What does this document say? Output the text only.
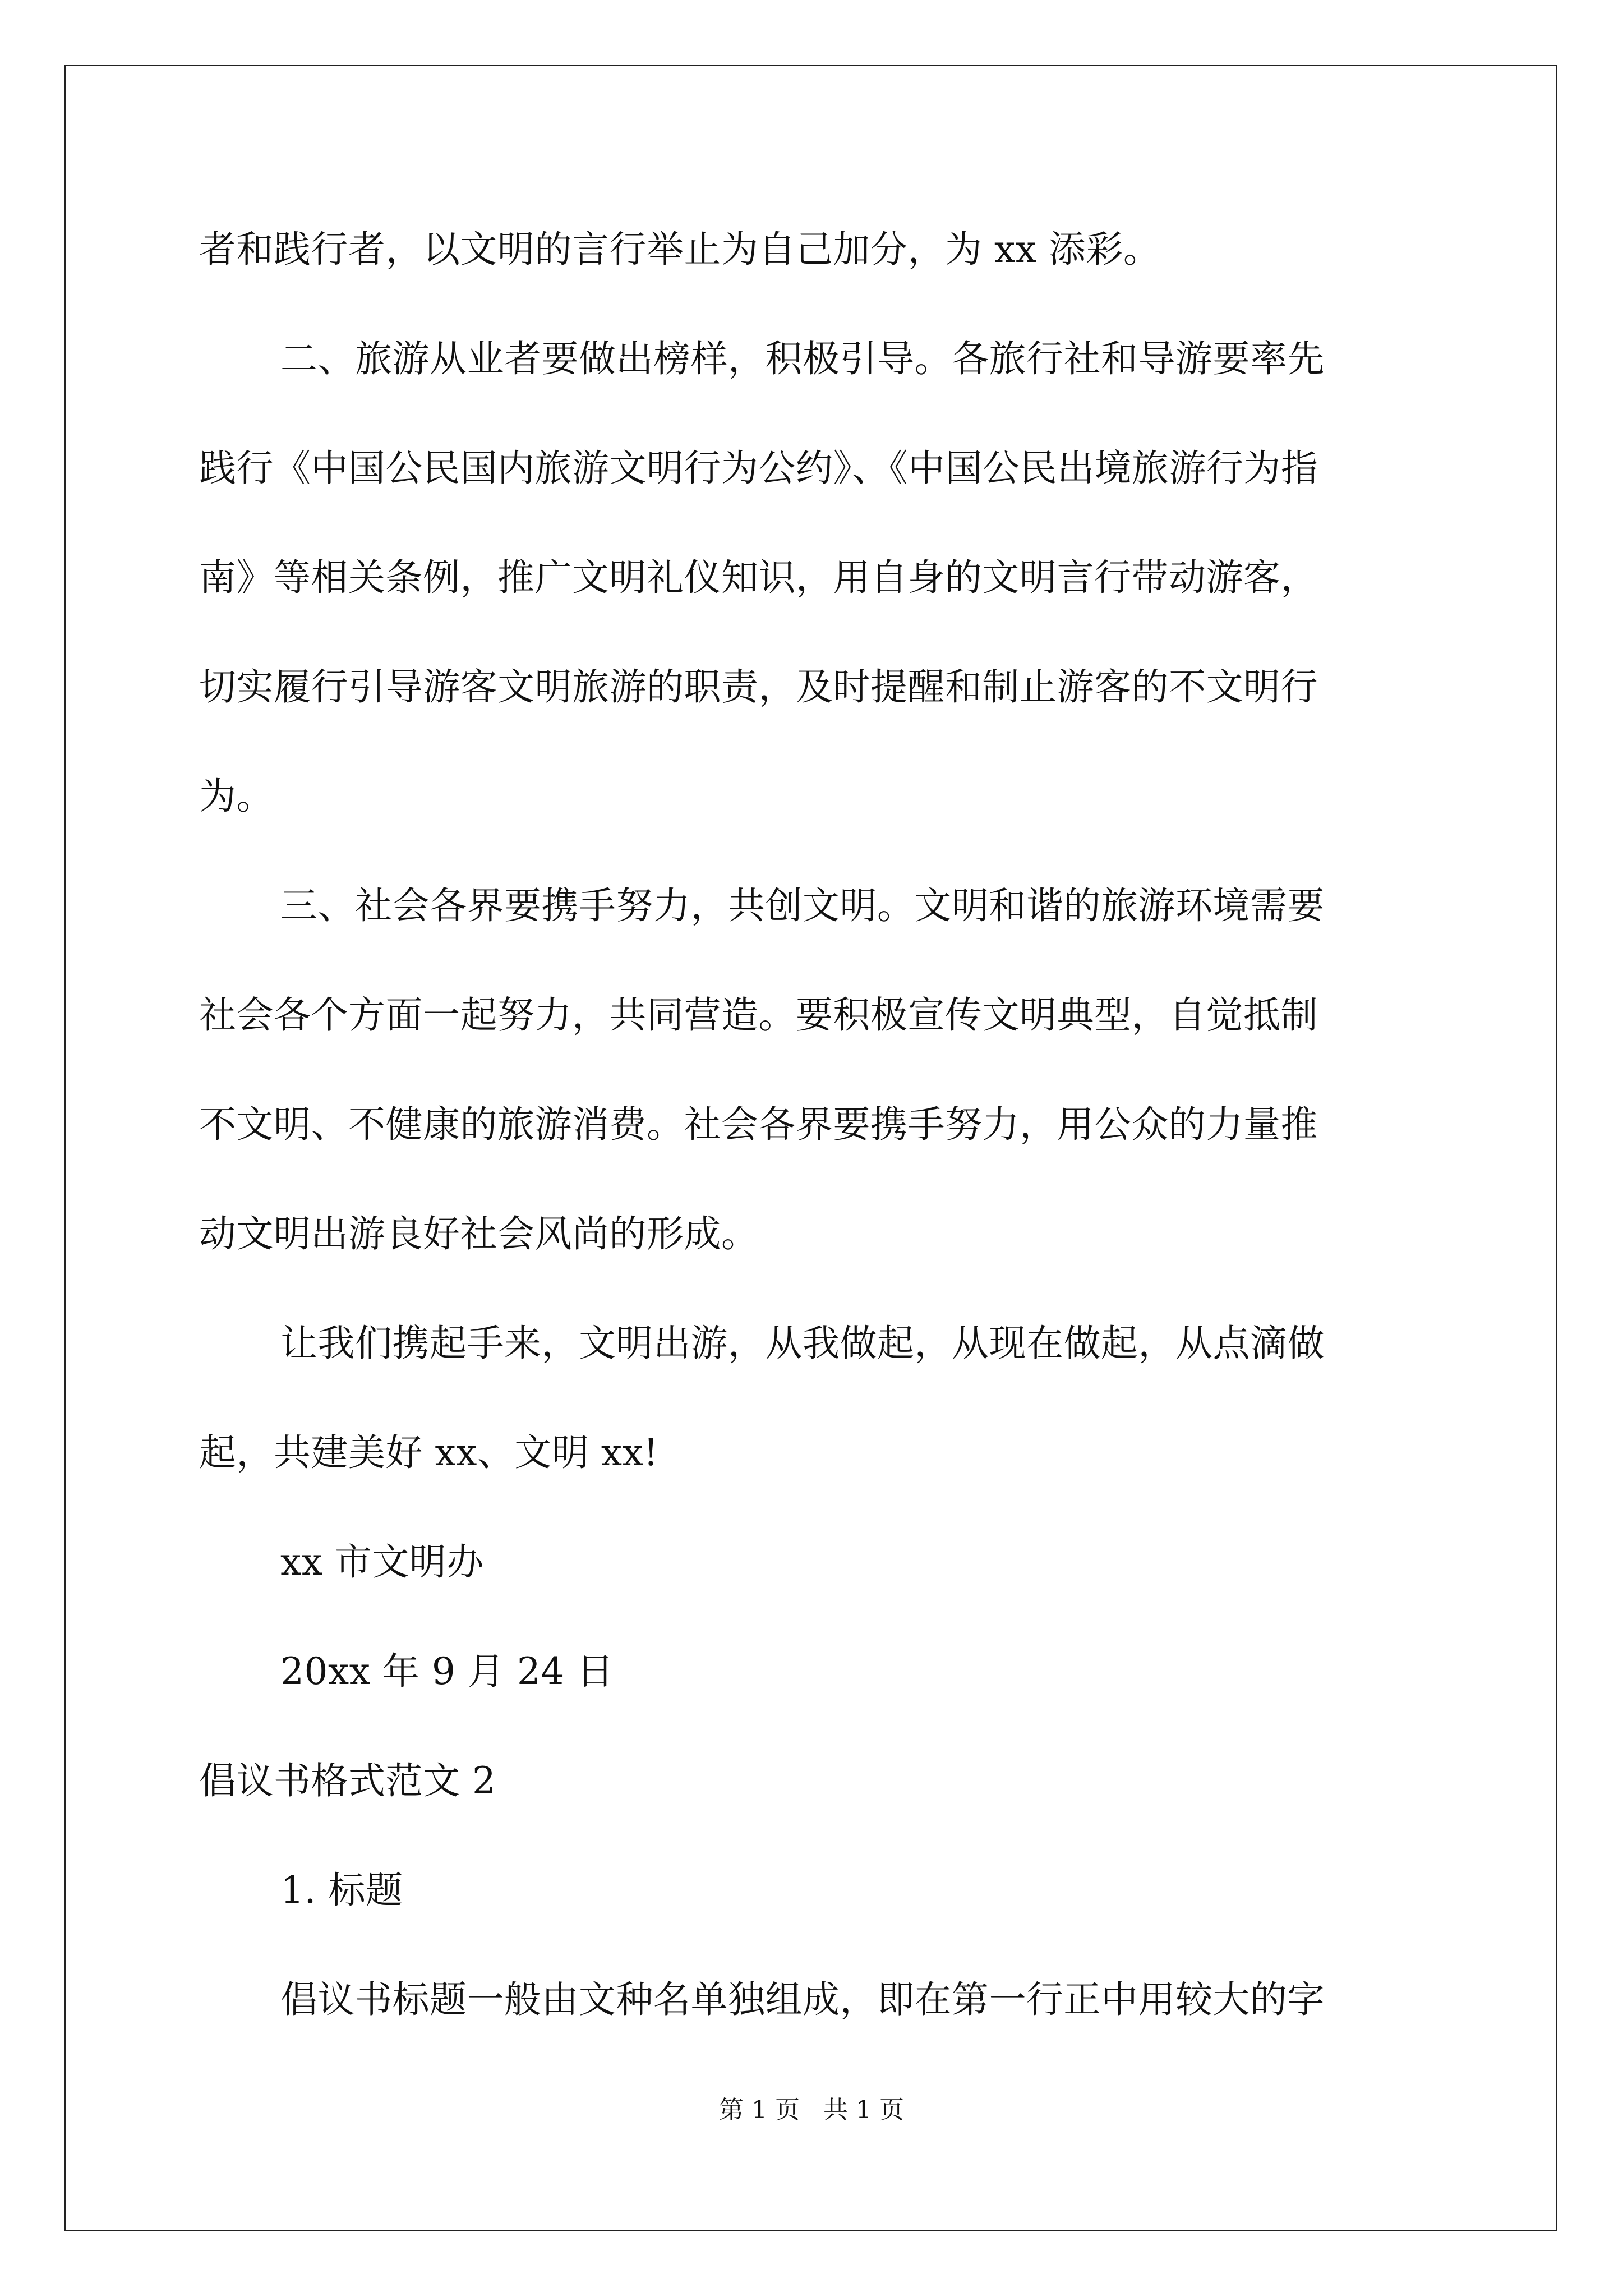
者和践行者，以文明的言行举止为自己加分，为 xx 添彩。
二、旅游从业者要做出榜样，积极引导。各旅行社和导游要率先
践行《中国公民国内旅游文明行为公约》、《中国公民出境旅游行为指
南》等相关条例，推广文明礼仪知识，用自身的文明言行带动游客，
切实履行引导游客文明旅游的职责，及时提醒和制止游客的不文明行
为。
三、社会各界要携手努力，共创文明。文明和谐的旅游环境需要
社会各个方面一起努力，共同营造。要积极宣传文明典型，自觉抵制
不文明、不健康的旅游消费。社会各界要携手努力，用公众的力量推
动文明出游良好社会风尚的形成。
让我们携起手来，文明出游，从我做起，从现在做起，从点滴做
起，共建美好 xx、文明 xx!
xx 市文明办
20xx 年 9 月 24 日
倡议书格式范文 2
1. 标题
倡议书标题一般由文种名单独组成，即在第一行正中用较大的字
第 1 页   共 1 页
